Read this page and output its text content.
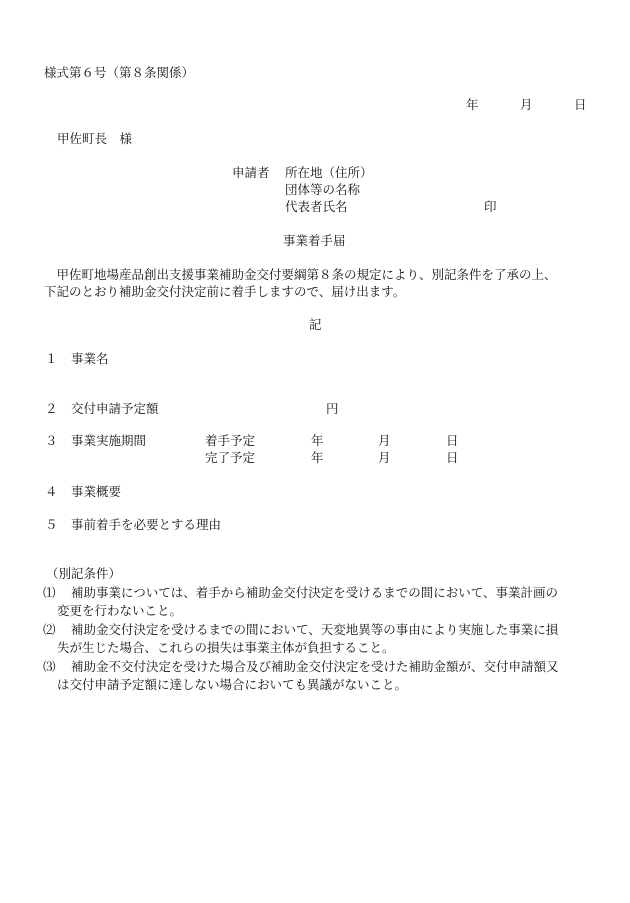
様式第６号（第８条関係）
年	月	日
甲佐町長　様
申請者 所在地（住所）
団体等の名称
代表者氏名	印
事業着手届
　甲佐町地場産品創出支援事業補助金交付要綱第８条の規定により、別記条件を了承の上、
下記のとおり補助金交付決定前に着手しますので、届け出ます。
記
１ 事業名
２ 交付申請予定額	円
３ 事業実施期間	着手予定	年	月	日
完了予定	年	月	日
４ 事業概要
５ 事前着手を必要とする理由
（別記条件）
⑴ 補助事業については、着手から補助金交付決定を受けるまでの間において、事業計画の
変更を行わないこと。
⑵ 補助金交付決定を受けるまでの間において、天変地異等の事由により実施した事業に損
失が生じた場合、これらの損失は事業主体が負担すること。
⑶ 補助金不交付決定を受けた場合及び補助金交付決定を受けた補助金額が、交付申請額又
は交付申請予定額に達しない場合においても異議がないこと。
